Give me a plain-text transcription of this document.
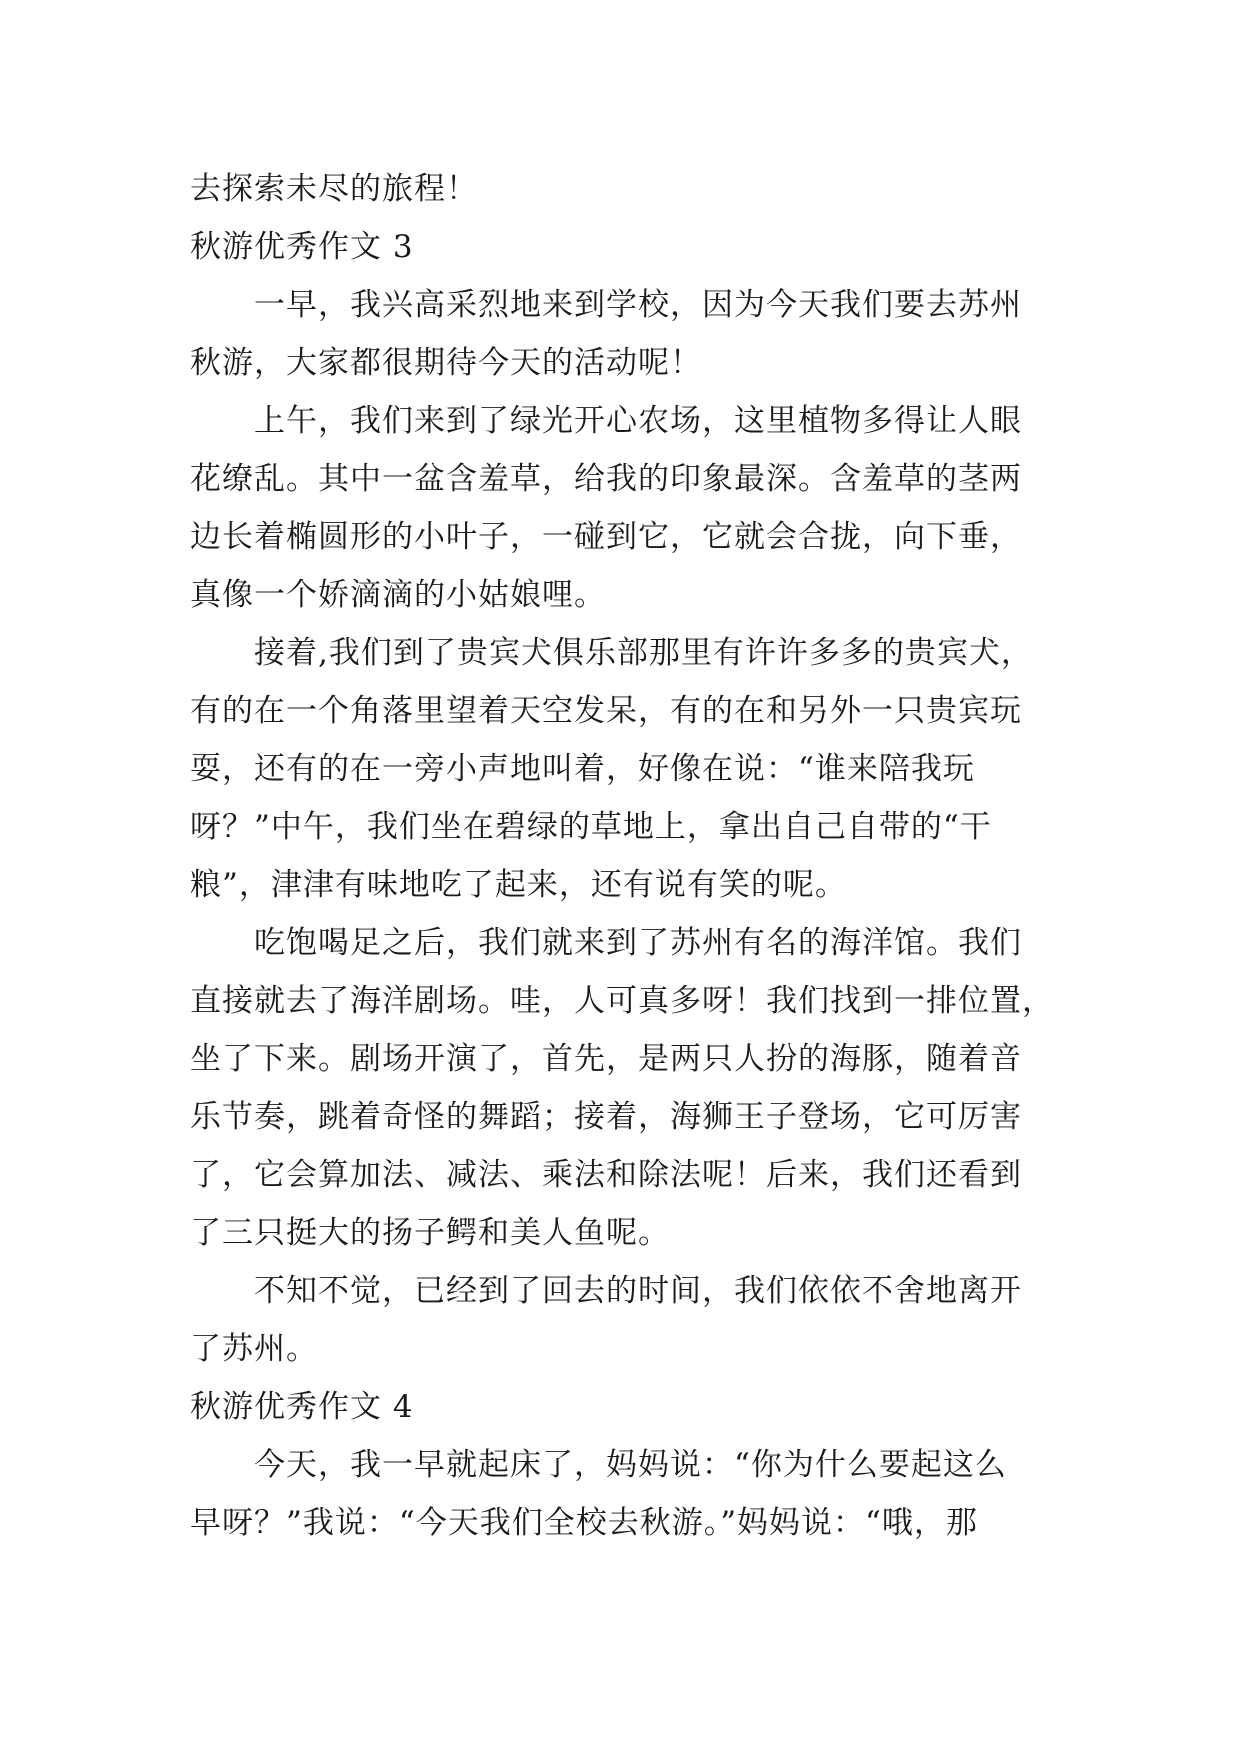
去探索未尽的旅程！
秋游优秀作文 3
一早，我兴高采烈地来到学校，因为今天我们要去苏州
秋游，大家都很期待今天的活动呢！
上午，我们来到了绿光开心农场，这里植物多得让人眼
花缭乱。其中一盆含羞草，给我的印象最深。含羞草的茎两
边长着椭圆形的小叶子，一碰到它，它就会合拢，向下垂，
真像一个娇滴滴的小姑娘哩。
接着,我们到了贵宾犬俱乐部那里有许许多多的贵宾犬，
有的在一个角落里望着天空发呆，有的在和另外一只贵宾玩
耍，还有的在一旁小声地叫着，好像在说：“谁来陪我玩
呀？”中午，我们坐在碧绿的草地上，拿出自己自带的“干
粮”，津津有味地吃了起来，还有说有笑的呢。
吃饱喝足之后，我们就来到了苏州有名的海洋馆。我们
直接就去了海洋剧场。哇，人可真多呀！我们找到一排位置，
坐了下来。剧场开演了，首先，是两只人扮的海豚，随着音
乐节奏，跳着奇怪的舞蹈；接着，海狮王子登场，它可厉害
了，它会算加法、减法、乘法和除法呢！后来，我们还看到
了三只挺大的扬子鳄和美人鱼呢。
不知不觉，已经到了回去的时间，我们依依不舍地离开
了苏州。
秋游优秀作文 4
今天，我一早就起床了，妈妈说：“你为什么要起这么
早呀？”我说：“今天我们全校去秋游。”妈妈说：“哦，那
